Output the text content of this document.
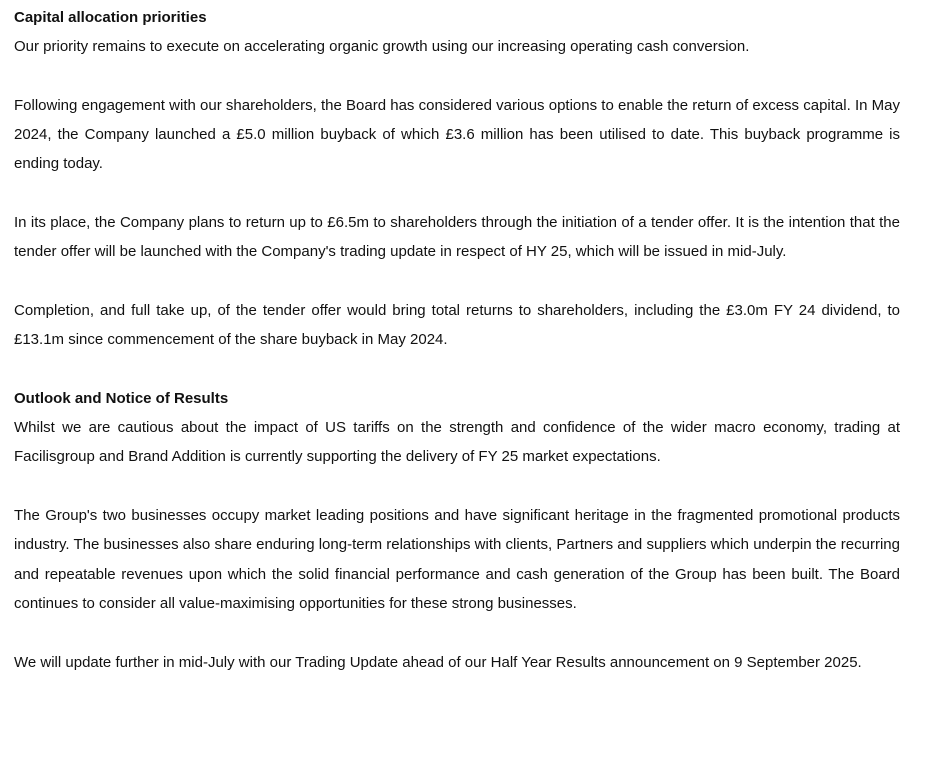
Capital allocation priorities

Our priority remains to execute on accelerating organic growth using our increasing operating cash conversion.

Following engagement with our shareholders, the Board has considered various options to enable the return of excess capital. In May 2024, the Company launched a £5.0 million buyback of which £3.6 million has been utilised to date. This buyback programme is ending today.

In its place, the Company plans to return up to £6.5m to shareholders through the initiation of a tender offer. It is the intention that the tender offer will be launched with the Company's trading update in respect of HY 25, which will be issued in mid-July.

Completion, and full take up, of the tender offer would bring total returns to shareholders, including the £3.0m FY 24 dividend, to £13.1m since commencement of the share buyback in May 2024.

Outlook and Notice of Results

Whilst we are cautious about the impact of US tariffs on the strength and confidence of the wider macro economy, trading at Facilisgroup and Brand Addition is currently supporting the delivery of FY 25 market expectations.

The Group's two businesses occupy market leading positions and have significant heritage in the fragmented promotional products industry. The businesses also share enduring long-term relationships with clients, Partners and suppliers which underpin the recurring and repeatable revenues upon which the solid financial performance and cash generation of the Group has been built. The Board continues to consider all value-maximising opportunities for these strong businesses.

We will update further in mid-July with our Trading Update ahead of our Half Year Results announcement on 9 September 2025.
